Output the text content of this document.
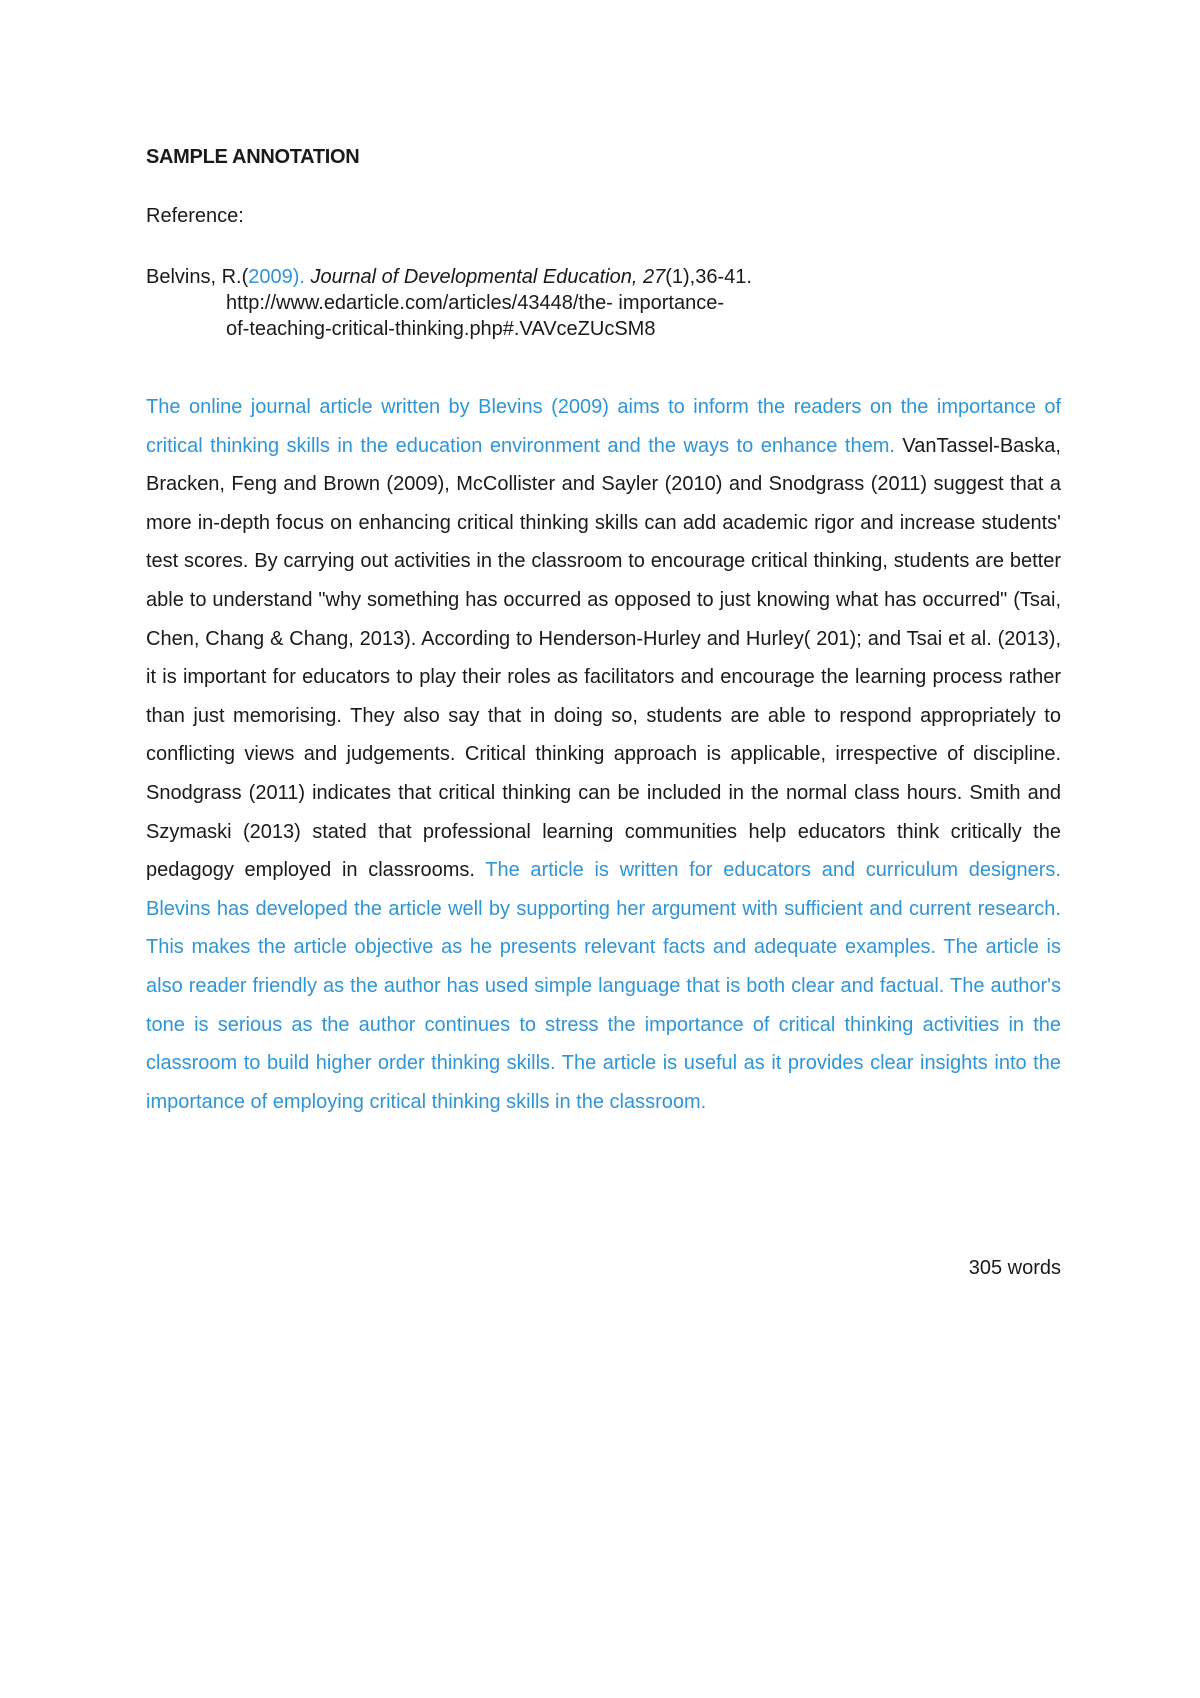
SAMPLE ANNOTATION

Reference:

Belvins, R.(2009). Journal of Developmental Education, 27(1),36-41.
http://www.edarticle.com/articles/43448/the- importance-
of-teaching-critical-thinking.php#.VAVceZUcSM8

The online journal article written by Blevins (2009) aims to inform the readers on the importance of critical thinking skills in the education environment and the ways to enhance them. VanTassel-Baska, Bracken, Feng and Brown (2009), McCollister and Sayler (2010) and Snodgrass (2011) suggest that a more in-depth focus on enhancing critical thinking skills can add academic rigor and increase students' test scores. By carrying out activities in the classroom to encourage critical thinking, students are better able to understand "why something has occurred as opposed to just knowing what has occurred" (Tsai, Chen, Chang & Chang, 2013). According to Henderson-Hurley and Hurley( 201); and Tsai et al. (2013), it is important for educators to play their roles as facilitators and encourage the learning process rather than just memorising. They also say that in doing so, students are able to respond appropriately to conflicting views and judgements. Critical thinking approach is applicable, irrespective of discipline. Snodgrass (2011) indicates that critical thinking can be included in the normal class hours. Smith and Szymaski (2013) stated that professional learning communities help educators think critically the pedagogy employed in classrooms. The article is written for educators and curriculum designers. Blevins has developed the article well by supporting her argument with sufficient and current research. This makes the article objective as he presents relevant facts and adequate examples. The article is also reader friendly as the author has used simple language that is both clear and factual. The author's tone is serious as the author continues to stress the importance of critical thinking activities in the classroom to build higher order thinking skills. The article is useful as it provides clear insights into the importance of employing critical thinking skills in the classroom.

305 words
